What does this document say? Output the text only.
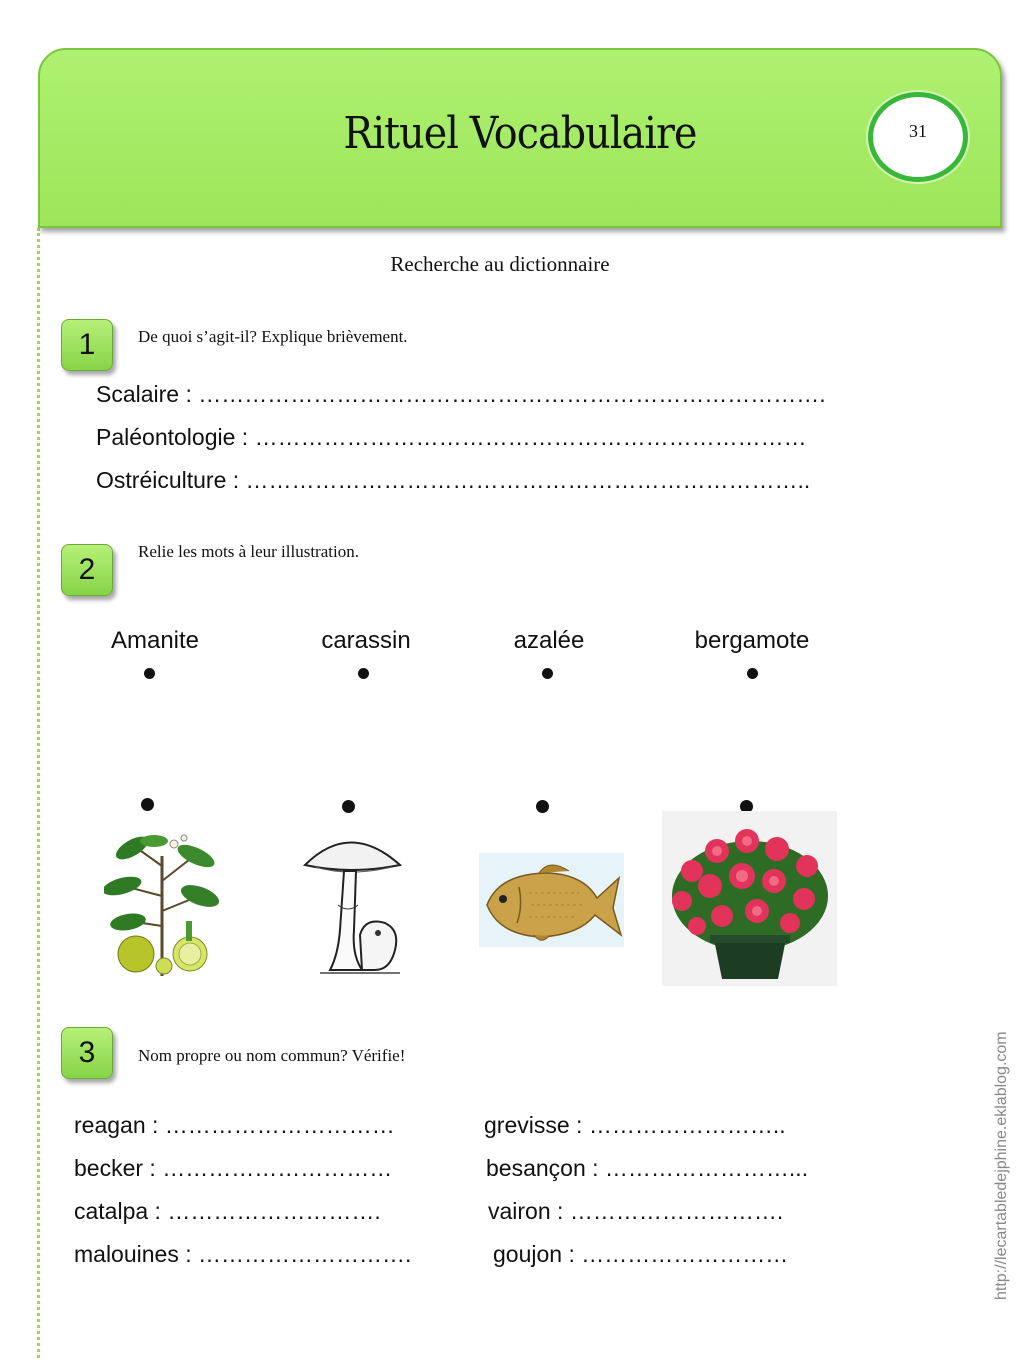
Rituel Vocabulaire	31
Recherche au dictionnaire
1	De quoi s’agit-il? Explique brièvement.
Scalaire : ……………………………………………………………………….
Paléontologie : ………………………………………………………………
Ostréiculture : ………………………………………………………………..
2
Relie les mots à leur illustration.
Amanite	carassin	azalée	bergamote
3	Nom propre ou nom commun? Vérifie!
reagan : …………………………
becker : …………………………
catalpa : ……………………….
malouines : ……………………….
grevisse : ……………………..
besançon : ……………………...
vairon : ……………………….
goujon : ………………………	http://lecartabledejphine.eklablog.com
